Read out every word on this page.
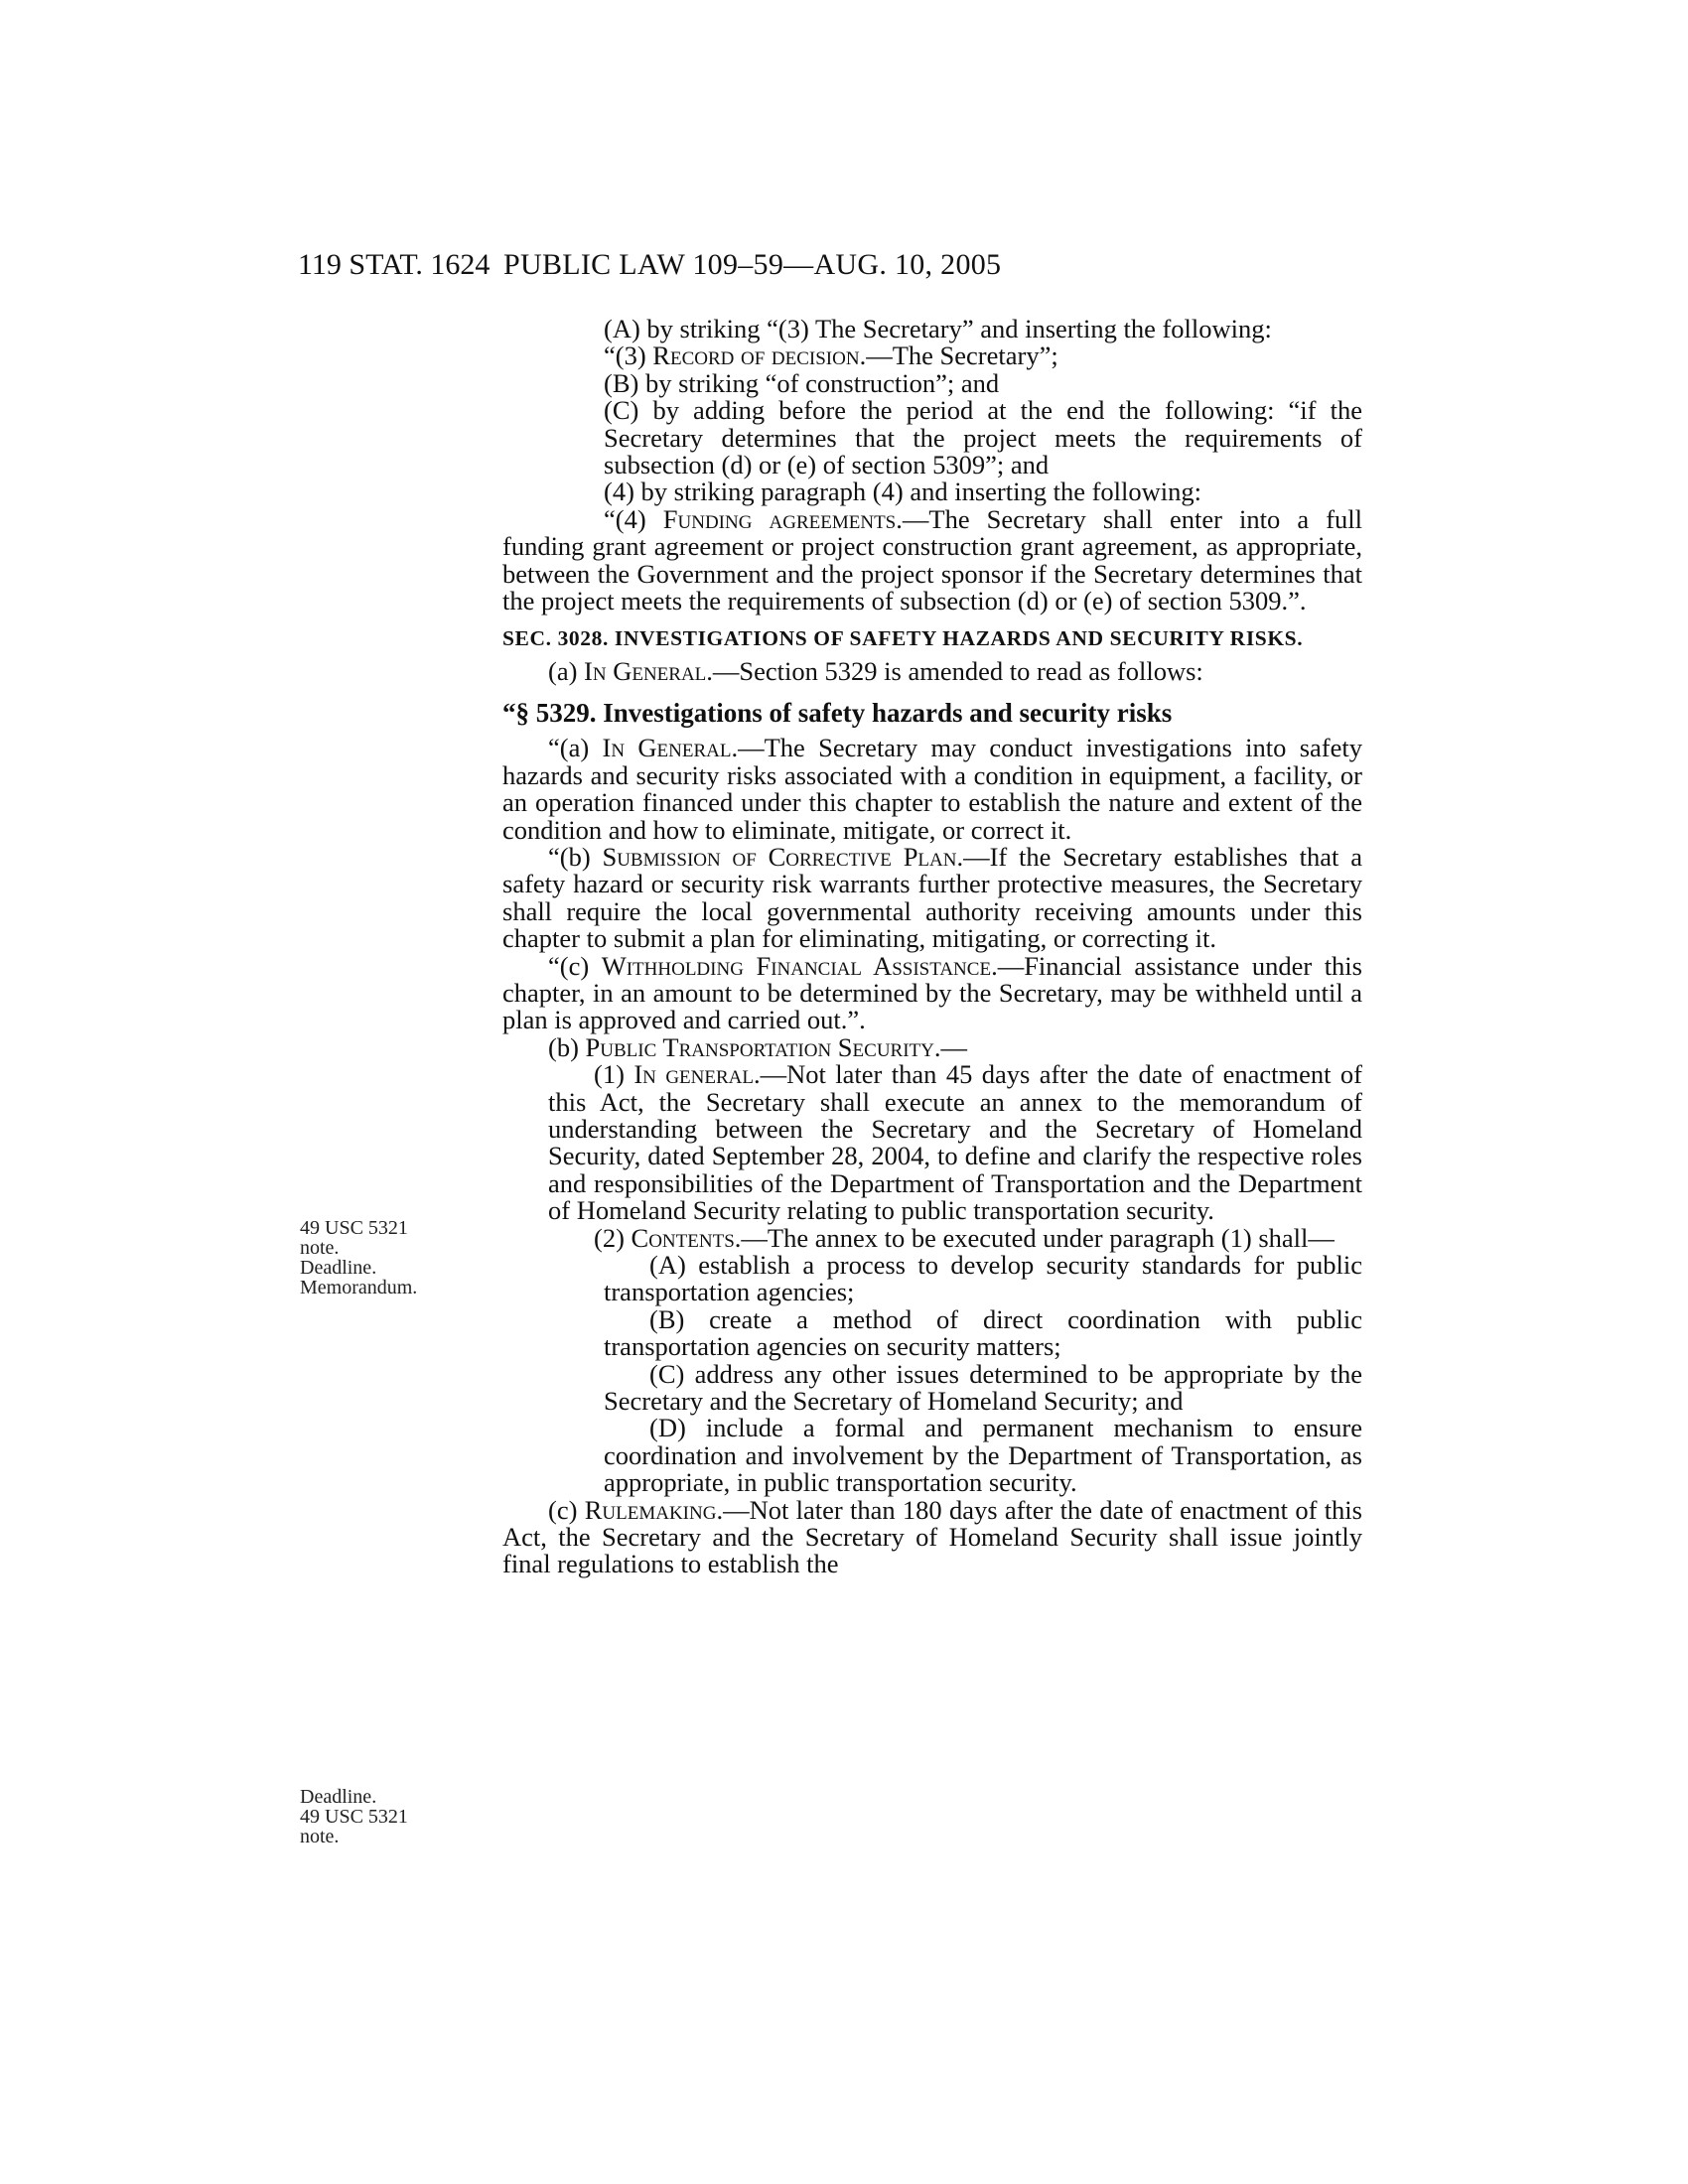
119 STAT. 1624 PUBLIC LAW 109–59—AUG. 10, 2005
49 USC 5321
note.
Deadline.
Memorandum.
Deadline.
49 USC 5321
note.

(A) by striking “(3) The Secretary” and inserting the following:

“(3) Record of decision.—The Secretary”;

(B) by striking “of construction”; and

(C) by adding before the period at the end the following: “if the Secretary determines that the project meets the requirements of subsection (d) or (e) of section 5309”; and

(4) by striking paragraph (4) and inserting the following:

“(4) Funding agreements.—The Secretary shall enter into a full funding grant agreement or project construction grant agreement, as appropriate, between the Government and the project sponsor if the Secretary determines that the project meets the requirements of subsection (d) or (e) of section 5309.”.

SEC. 3028. INVESTIGATIONS OF SAFETY HAZARDS AND SECURITY RISKS.

(a) In General.—Section 5329 is amended to read as follows:

“§ 5329. Investigations of safety hazards and security risks

“(a) In General.—The Secretary may conduct investigations into safety hazards and security risks associated with a condition in equipment, a facility, or an operation financed under this chapter to establish the nature and extent of the condition and how to eliminate, mitigate, or correct it.

“(b) Submission of Corrective Plan.—If the Secretary establishes that a safety hazard or security risk warrants further protective measures, the Secretary shall require the local governmental authority receiving amounts under this chapter to submit a plan for eliminating, mitigating, or correcting it.

“(c) Withholding Financial Assistance.—Financial assistance under this chapter, in an amount to be determined by the Secretary, may be withheld until a plan is approved and carried out.”.

(b) Public Transportation Security.—

(1) In general.—Not later than 45 days after the date of enactment of this Act, the Secretary shall execute an annex to the memorandum of understanding between the Secretary and the Secretary of Homeland Security, dated September 28, 2004, to define and clarify the respective roles and responsibilities of the Department of Transportation and the Department of Homeland Security relating to public transportation security.

(2) Contents.—The annex to be executed under paragraph (1) shall—

(A) establish a process to develop security standards for public transportation agencies;

(B) create a method of direct coordination with public transportation agencies on security matters;

(C) address any other issues determined to be appropriate by the Secretary and the Secretary of Homeland Security; and

(D) include a formal and permanent mechanism to ensure coordination and involvement by the Department of Transportation, as appropriate, in public transportation security.

(c) Rulemaking.—Not later than 180 days after the date of enactment of this Act, the Secretary and the Secretary of Homeland Security shall issue jointly final regulations to establish the
